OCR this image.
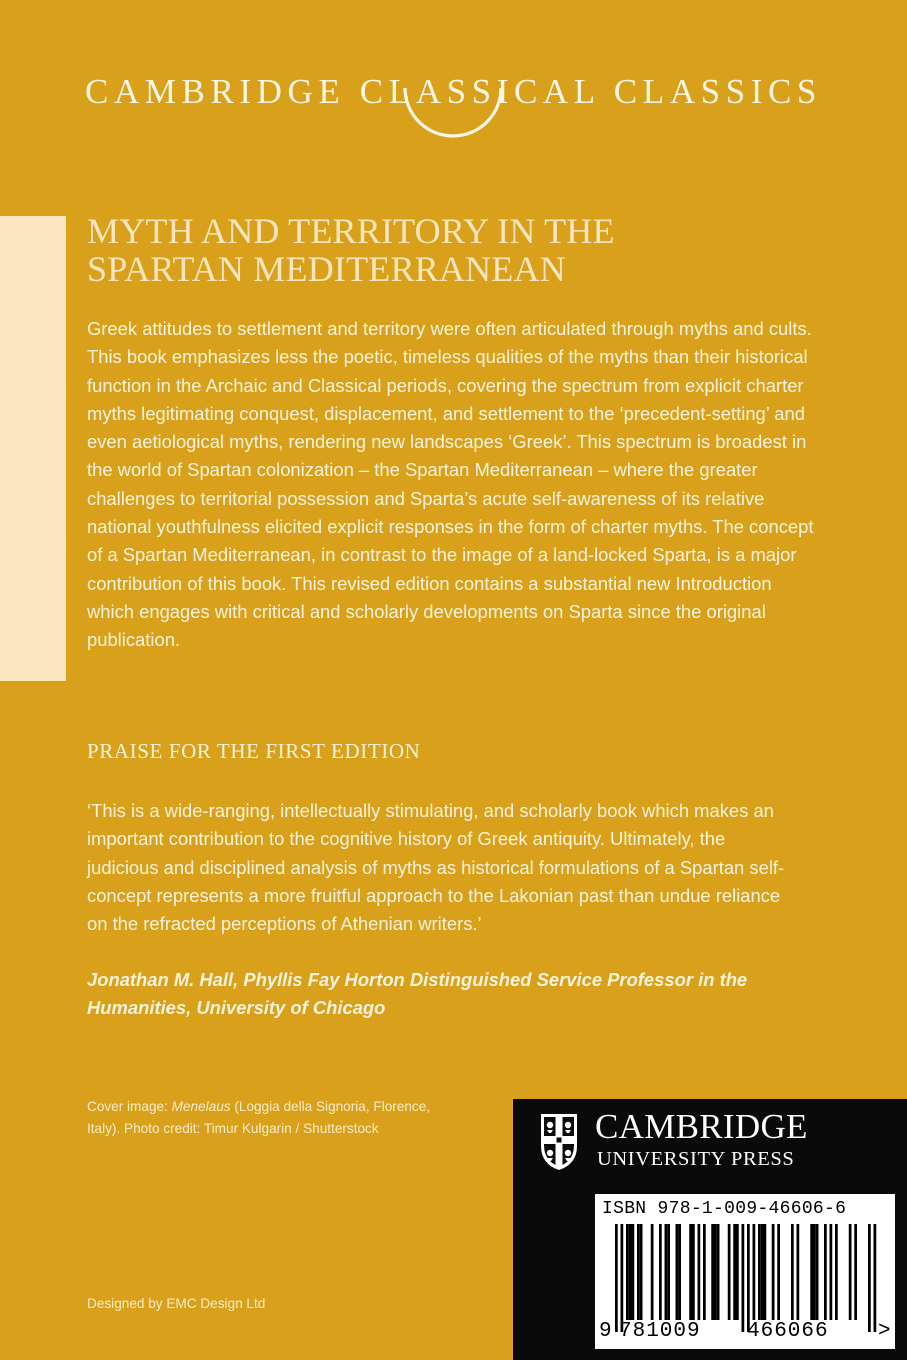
CAMBRIDGE CLASSICAL CLASSICS
MYTH AND TERRITORY IN THE
SPARTAN MEDITERRANEAN

Greek attitudes to settlement and territory were often articulated through myths and cults. This book emphasizes less the poetic, timeless qualities of the myths than their historical function in the Archaic and Classical periods, covering the spectrum from explicit charter myths legitimating conquest, displacement, and settlement to the ‘precedent-setting’ and even aetiological myths, rendering new landscapes ‘Greek’. This spectrum is broadest in the world of Spartan colonization – the Spartan Mediterranean – where the greater challenges to territorial possession and Sparta’s acute self-awareness of its relative national youthfulness elicited explicit responses in the form of charter myths. The concept of a Spartan Mediterranean, in contrast to the image of a land-locked Sparta, is a major contribution of this book. This revised edition contains a substantial new Introduction which engages with critical and scholarly developments on Sparta since the original publication.

PRAISE FOR THE FIRST EDITION

‘This is a wide-ranging, intellectually stimulating, and scholarly book which makes an important contribution to the cognitive history of Greek antiquity. Ultimately, the judicious and disciplined analysis of myths as historical formulations of a Spartan self-concept represents a more fruitful approach to the Lakonian past than undue reliance on the refracted perceptions of Athenian writers.’

Jonathan M. Hall, Phyllis Fay Horton Distinguished Service Professor in the Humanities, University of Chicago

Cover image: Menelaus (Loggia della Signoria, Florence, Italy). Photo credit: Timur Kulgarin / Shutterstock
Designed by EMC Design Ltd
CAMBRIDGE
UNIVERSITY PRESS
ISBN 978-1-009-46606-6
9 781009 466066 >
